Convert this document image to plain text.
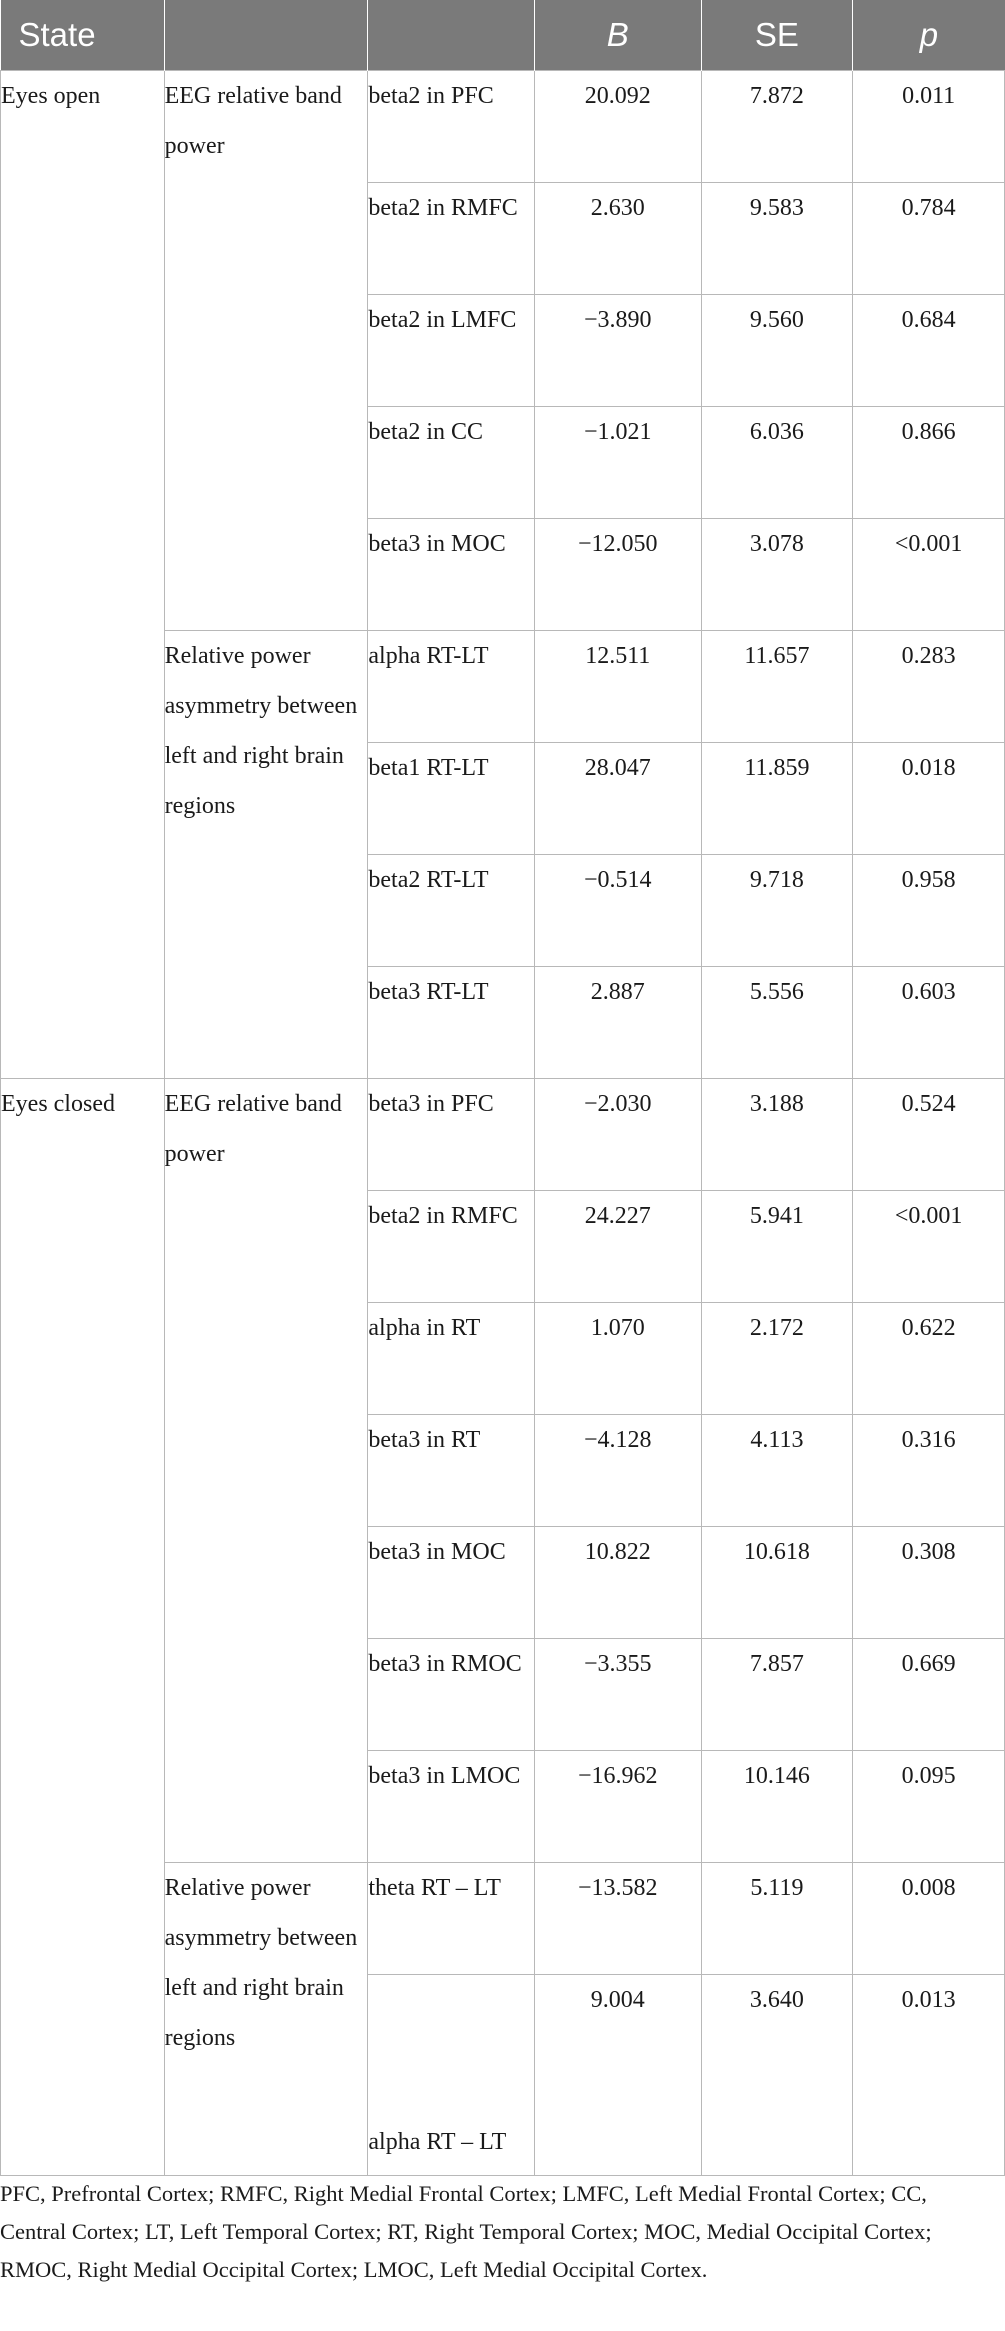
State			B	SE	p
Eyes open	EEG relative band power	beta2 in PFC	20.092	7.872	0.011
		beta2 in RMFC	2.630	9.583	0.784
		beta2 in LMFC	−3.890	9.560	0.684
		beta2 in CC	−1.021	6.036	0.866
		beta3 in MOC	−12.050	3.078	<0.001
	Relative power asymmetry between left and right brain regions	alpha RT-LT	12.511	11.657	0.283
		beta1 RT-LT	28.047	11.859	0.018
		beta2 RT-LT	−0.514	9.718	0.958
		beta3 RT-LT	2.887	5.556	0.603
Eyes closed	EEG relative band power	beta3 in PFC	−2.030	3.188	0.524
		beta2 in RMFC	24.227	5.941	<0.001
		alpha in RT	1.070	2.172	0.622
		beta3 in RT	−4.128	4.113	0.316
		beta3 in MOC	10.822	10.618	0.308
		beta3 in RMOC	−3.355	7.857	0.669
		beta3 in LMOC	−16.962	10.146	0.095
	Relative power asymmetry between left and right brain regions	theta RT – LT	−13.582	5.119	0.008
		alpha RT – LT	9.004	3.640	0.013

PFC, Prefrontal Cortex; RMFC, Right Medial Frontal Cortex; LMFC, Left Medial Frontal Cortex; CC, Central Cortex; LT, Left Temporal Cortex; RT, Right Temporal Cortex; MOC, Medial Occipital Cortex; RMOC, Right Medial Occipital Cortex; LMOC, Left Medial Occipital Cortex.
